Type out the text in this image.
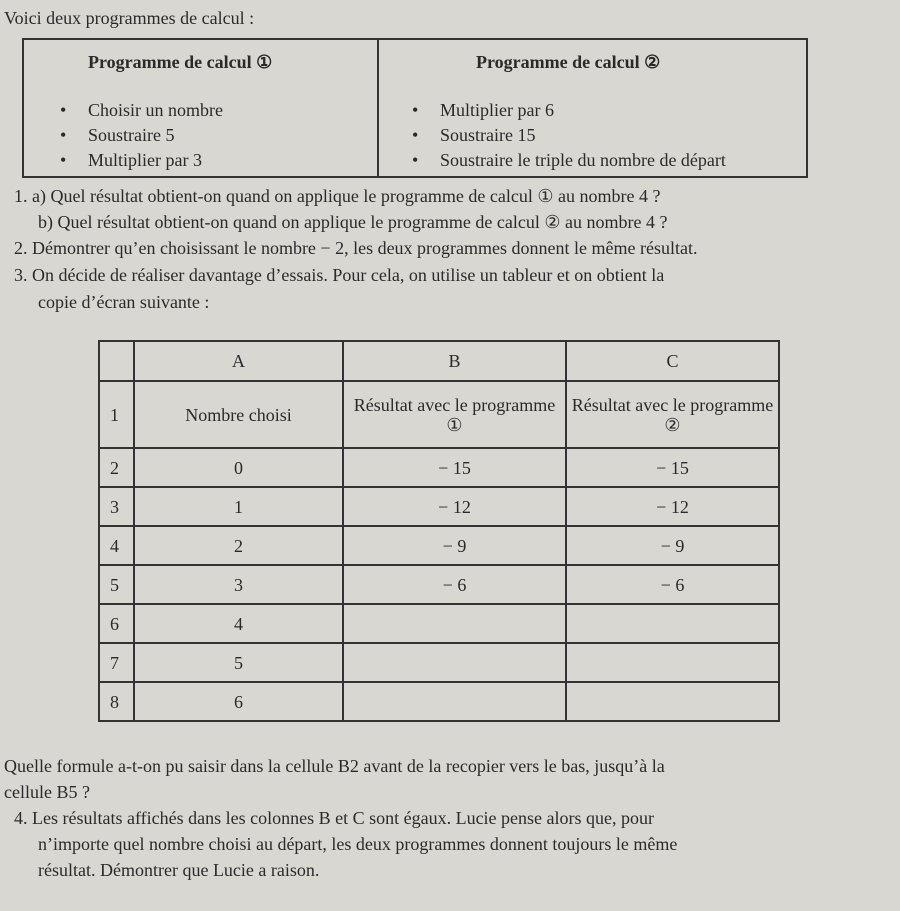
Voici deux programmes de calcul :
Programme de calcul ①	Programme de calcul ②
• Choisir un nombre
• Soustraire 5
• Multiplier par 3
• Multiplier par 6
• Soustraire 15
• Soustraire le triple du nombre de départ
1. a) Quel résultat obtient-on quand on applique le programme de calcul ① au nombre 4 ?
b) Quel résultat obtient-on quand on applique le programme de calcul ② au nombre 4 ?
2. Démontrer qu’en choisissant le nombre − 2, les deux programmes donnent le même résultat.
3. On décide de réaliser davantage d’essais. Pour cela, on utilise un tableur et on obtient la
copie d’écran suivante :
	A	B	C
1	Nombre choisi	Résultat avec le programme ①	Résultat avec le programme ②
2	0	− 15	− 15
3	1	− 12	− 12
4	2	− 9	− 9
5	3	− 6	− 6
6	4		
7	5		
8	6		
Quelle formule a-t-on pu saisir dans la cellule B2 avant de la recopier vers le bas, jusqu’à la
cellule B5 ?
4. Les résultats affichés dans les colonnes B et C sont égaux. Lucie pense alors que, pour
n’importe quel nombre choisi au départ, les deux programmes donnent toujours le même
résultat. Démontrer que Lucie a raison.
